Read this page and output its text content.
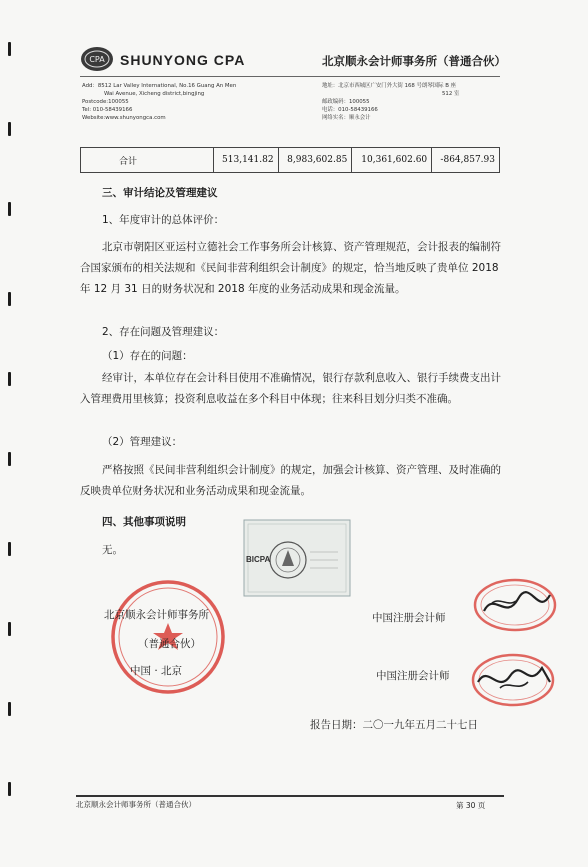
CPA SHUNYONG CPA	北京顺永会计师事务所（普通合伙）
Add：8512 Lar Valley International, No.16 Guang An Men
Wai Avenue, Xicheng district,bingjing
Postcode:100055
Tel: 010-58439166
Website:www.shunyongca.com
地址：北京市西城区广安门外大街 168 号朗琴国际 B 座
512 室
邮政编码：100055
电话：010-58439166
网络实名：顺永会计
合计	513,141.82	8,983,602.85	10,361,602.60	-864,857.93

三、审计结论及管理建议

1、年度审计的总体评价：

北京市朝阳区亚运村立德社会工作事务所会计核算、资产管理规范，会计报表的编制符合国家颁布的相关法规和《民间非营利组织会计制度》的规定，恰当地反映了贵单位 2018 年 12 月 31 日的财务状况和 2018 年度的业务活动成果和现金流量。

2、存在问题及管理建议：

（1）存在的问题：

经审计，本单位存在会计科目使用不准确情况，银行存款利息收入、银行手续费支出计入管理费用里核算；投资利息收益在多个科目中体现；往来科目划分归类不准确。

（2）管理建议：

严格按照《民间非营利组织会计制度》的规定，加强会计核算、资产管理、及时准确的反映贵单位财务状况和业务活动成果和现金流量。

四、其他事项说明

无。

BICPA
北京顺永会计师事务所
（普通合伙）
中国 · 北京
中国注册会计师
中国注册会计师
报告日期：二〇一九年五月二十七日
北京顺永会计师事务所（普通合伙）	第 30 页
